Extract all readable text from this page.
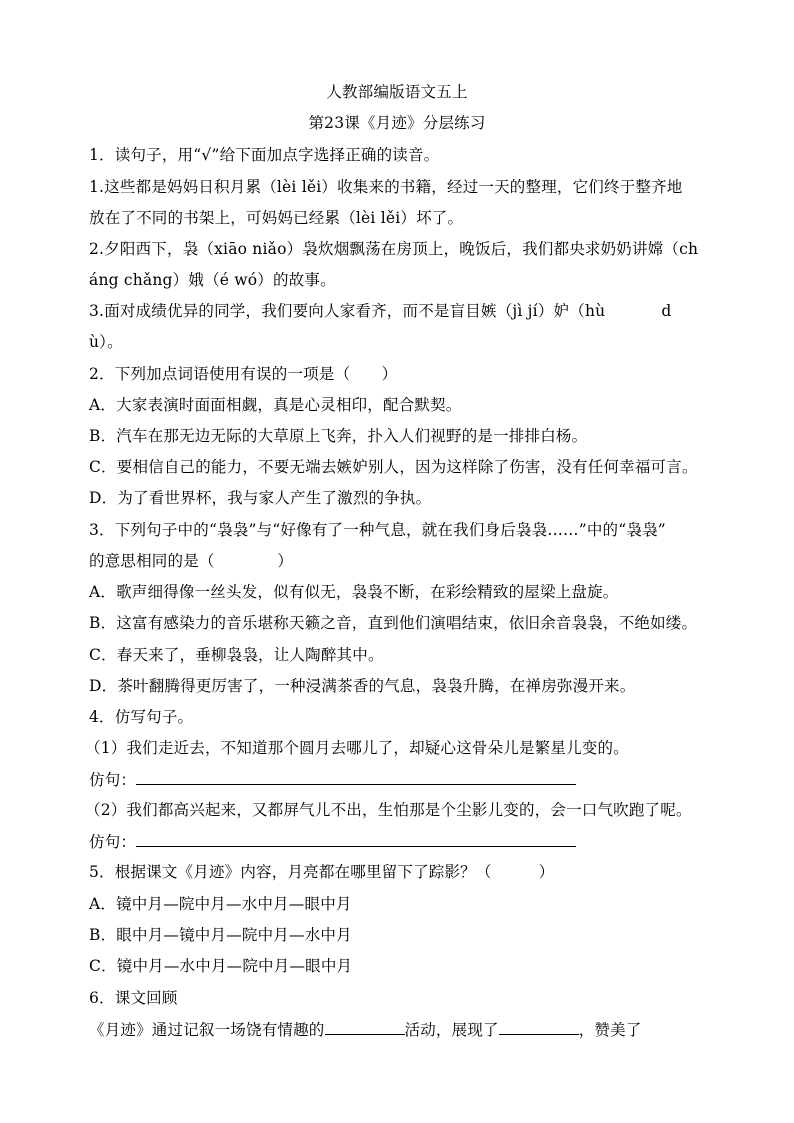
人教部编版语文五上
第23课《月迹》分层练习
1．读句子，用“√”给下面加点字选择正确的读音。
1.这些都是妈妈日积月累（lèi lěi）收集来的书籍，经过一天的整理，它们终于整齐地
放在了不同的书架上，可妈妈已经累（lèi lěi）坏了。
2.夕阳西下，袅（xiāo niǎo）袅炊烟飘荡在房顶上，晚饭后，我们都央求奶奶讲嫦（ch
áng chǎng）娥（é wó）的故事。
3.面对成绩优异的同学，我们要向人家看齐，而不是盲目嫉（jì jí）妒（hù	d
ù）。
2．下列加点词语使用有误的一项是（　　）
A．大家表演时面面相觑，真是心灵相印，配合默契。
B．汽车在那无边无际的大草原上飞奔，扑入人们视野的是一排排白杨。
C．要相信自己的能力，不要无端去嫉妒别人，因为这样除了伤害，没有任何幸福可言。
D．为了看世界杯，我与家人产生了激烈的争执。
3．下列句子中的“袅袅”与“好像有了一种气息，就在我们身后袅袅……”中的“袅袅”
的意思相同的是（　　　　）
A．歌声细得像一丝头发，似有似无，袅袅不断，在彩绘精致的屋梁上盘旋。
B．这富有感染力的音乐堪称天籁之音，直到他们演唱结束，依旧余音袅袅，不绝如缕。
C．春天来了，垂柳袅袅，让人陶醉其中。
D．茶叶翻腾得更厉害了，一种浸满茶香的气息，袅袅升腾，在禅房弥漫开来。
4．仿写句子。
（1）我们走近去，不知道那个圆月去哪儿了，却疑心这骨朵儿是繁星儿变的。
仿句：
（2）我们都高兴起来，又都屏气儿不出，生怕那是个尘影儿变的，会一口气吹跑了呢。
仿句：
5．根据课文《月迹》内容，月亮都在哪里留下了踪影？（　　　）
A．镜中月—院中月—水中月—眼中月
B．眼中月—镜中月—院中月—水中月
C．镜中月—水中月—院中月—眼中月
6．课文回顾
《月迹》通过记叙一场饶有情趣的	活动，展现了	，赞美了
